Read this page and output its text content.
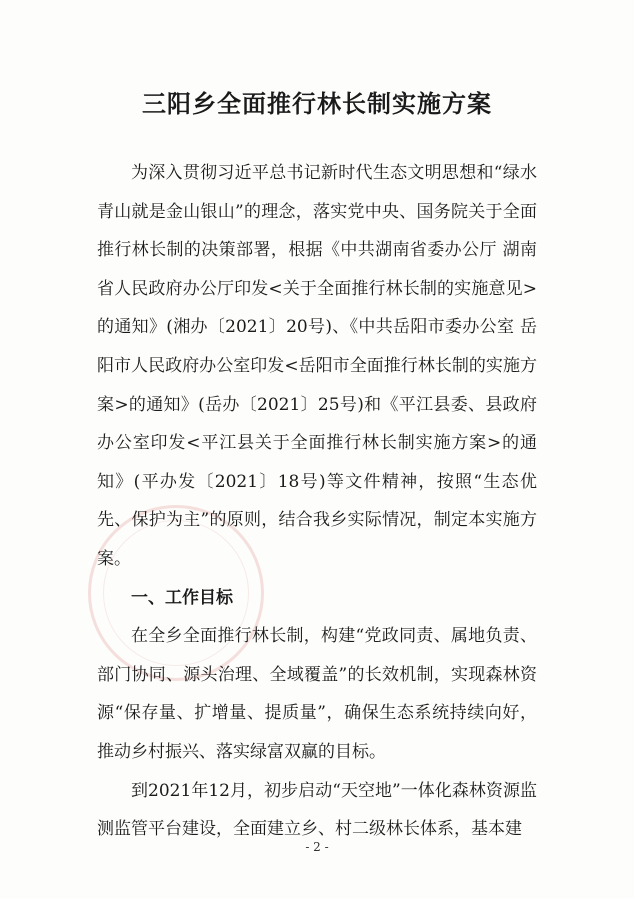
三阳乡全面推行林长制实施方案

为深入贯彻习近平总书记新时代生态文明思想和“绿水青山就是金山银山”的理念，落实党中央、国务院关于全面推行林长制的决策部署，根据《中共湖南省委办公厅 湖南省人民政府办公厅印发<关于全面推行林长制的实施意见>的通知》(湘办〔2021〕20号)、《中共岳阳市委办公室 岳阳市人民政府办公室印发<岳阳市全面推行林长制的实施方案>的通知》(岳办〔2021〕25号)和《平江县委、县政府办公室印发<平江县关于全面推行林长制实施方案>的通知》(平办发〔2021〕18号)等文件精神，按照“生态优先、保护为主”的原则，结合我乡实际情况，制定本实施方案。

一、工作目标

在全乡全面推行林长制，构建“党政同责、属地负责、部门协同、源头治理、全域覆盖”的长效机制，实现森林资源“保存量、扩增量、提质量”，确保生态系统持续向好，推动乡村振兴、落实绿富双赢的目标。

到2021年12月，初步启动“天空地”一体化森林资源监测监管平台建设，全面建立乡、村二级林长体系，基本建

- 2 -
